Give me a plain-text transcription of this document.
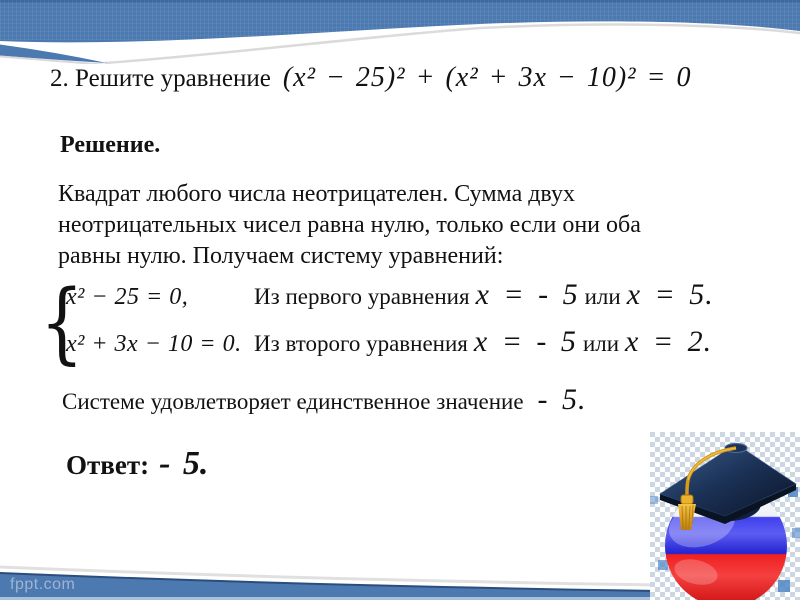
2. Решите уравнение (x² − 25)² + (x² + 3x − 10)² = 0
Решение.
Квадрат любого числа неотрицателен. Сумма двух
неотрицательных чисел равна нулю, только если они оба
равны нулю. Получаем систему уравнений:
{
x² − 25 = 0,
x² + 3x − 10 = 0.
Из первого уравнения x = - 5 или x = 5.
Из второго уравнения x = - 5 или x = 2.
Системе удовлетворяет единственное значение - 5.
Ответ: - 5.
fppt.com
